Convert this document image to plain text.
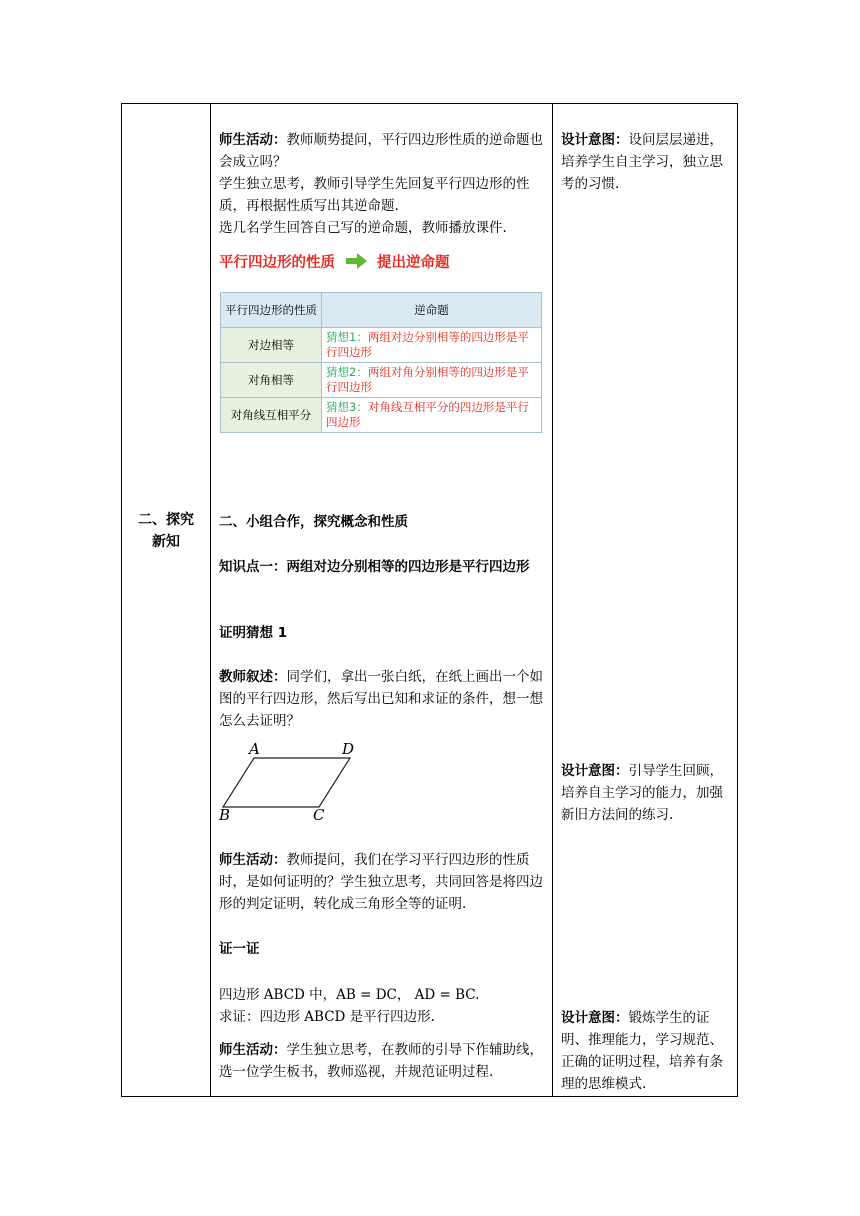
二、探究新知
师生活动：教师顺势提问，平行四边形性质的逆命题也会成立吗？
学生独立思考，教师引导学生先回复平行四边形的性质，再根据性质写出其逆命题.
选几名学生回答自己写的逆命题，教师播放课件.
平行四边形的性质	提出逆命题
平行四边形的性质	逆命题
对边相等	猜想1：两组对边分别相等的四边形是平行四边形
对角相等	猜想2：两组对角分别相等的四边形是平行四边形
对角线互相平分	猜想3：对角线互相平分的四边形是平行四边形
二、小组合作，探究概念和性质
知识点一：两组对边分别相等的四边形是平行四边形
证明猜想 1
教师叙述：同学们，拿出一张白纸，在纸上画出一个如图的平行四边形，然后写出已知和求证的条件，想一想怎么去证明？
A	D
B	C
师生活动：教师提问，我们在学习平行四边形的性质时，是如何证明的？学生独立思考，共同回答是将四边形的判定证明，转化成三角形全等的证明.
证一证
四边形 ABCD 中，AB = DC， AD = BC.
求证：四边形 ABCD 是平行四边形.
师生活动：学生独立思考，在教师的引导下作辅助线，选一位学生板书，教师巡视，并规范证明过程.
设计意图：设问层层递进，培养学生自主学习，独立思考的习惯.
设计意图：引导学生回顾，培养自主学习的能力，加强新旧方法间的练习.
设计意图：锻炼学生的证明、推理能力，学习规范、正确的证明过程，培养有条理的思维模式.
